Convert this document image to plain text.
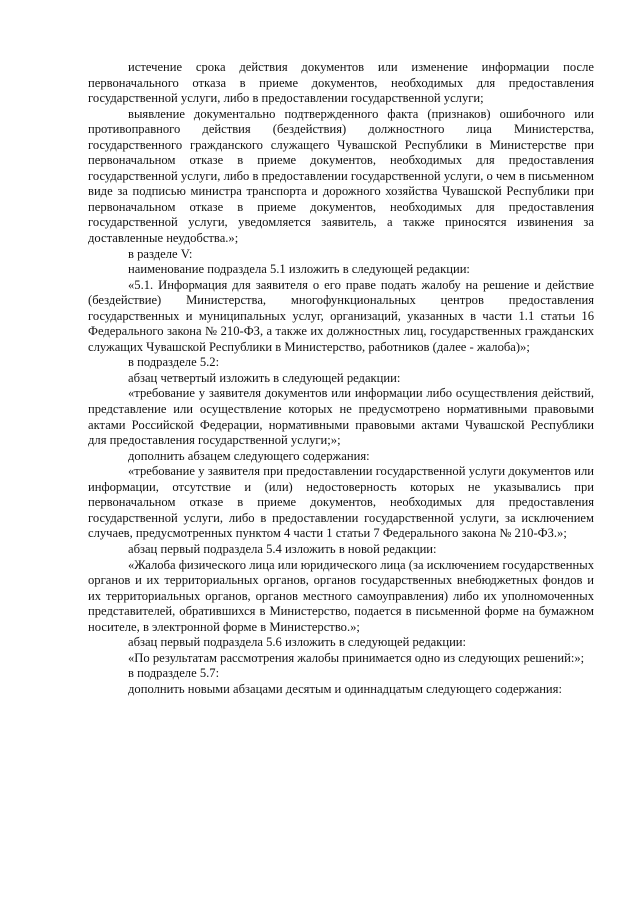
истечение срока действия документов или изменение информации после первоначального отказа в приеме документов, необходимых для предоставления государственной услуги, либо в предоставлении государственной услуги;

выявление документально подтвержденного факта (признаков) ошибочного или противоправного действия (бездействия) должностного лица Министерства, государственного гражданского служащего Чувашской Республики в Министерстве при первоначальном отказе в приеме документов, необходимых для предоставления государственной услуги, либо в предоставлении государственной услуги, о чем в письменном виде за подписью министра транспорта и дорожного хозяйства Чувашской Республики при первоначальном отказе в приеме документов, необходимых для предоставления государственной услуги, уведомляется заявитель, а также приносятся извинения за доставленные неудобства.»;

в разделе V:

наименование подраздела 5.1 изложить в следующей редакции:

«5.1. Информация для заявителя о его праве подать жалобу на решение и действие (бездействие) Министерства, многофункциональных центров предоставления государственных и муниципальных услуг, организаций, указанных в части 1.1 статьи 16 Федерального закона № 210-ФЗ, а также их должностных лиц, государственных гражданских служащих Чувашской Республики в Министерство, работников (далее - жалоба)»;

в подразделе 5.2:

абзац четвертый изложить в следующей редакции:

«требование у заявителя документов или информации либо осуществления действий, представление или осуществление которых не предусмотрено нормативными правовыми актами Российской Федерации, нормативными правовыми актами Чувашской Республики для предоставления государственной услуги;»;

дополнить абзацем следующего содержания:

«требование у заявителя при предоставлении государственной услуги документов или информации, отсутствие и (или) недостоверность которых не указывались при первоначальном отказе в приеме документов, необходимых для предоставления государственной услуги, либо в предоставлении государственной услуги, за исключением случаев, предусмотренных пунктом 4 части 1 статьи 7 Федерального закона № 210-ФЗ.»;

абзац первый подраздела 5.4 изложить в новой редакции:

«Жалоба физического лица или юридического лица (за исключением государственных органов и их территориальных органов, органов государственных внебюджетных фондов и их территориальных органов, органов местного самоуправления) либо их уполномоченных представителей, обратившихся в Министерство, подается в письменной форме на бумажном носителе, в электронной форме в Министерство.»;

абзац первый подраздела 5.6 изложить в следующей редакции:

«По результатам рассмотрения жалобы принимается одно из следующих решений:»;

в подразделе 5.7:

дополнить новыми абзацами десятым и одиннадцатым следующего содержания:
